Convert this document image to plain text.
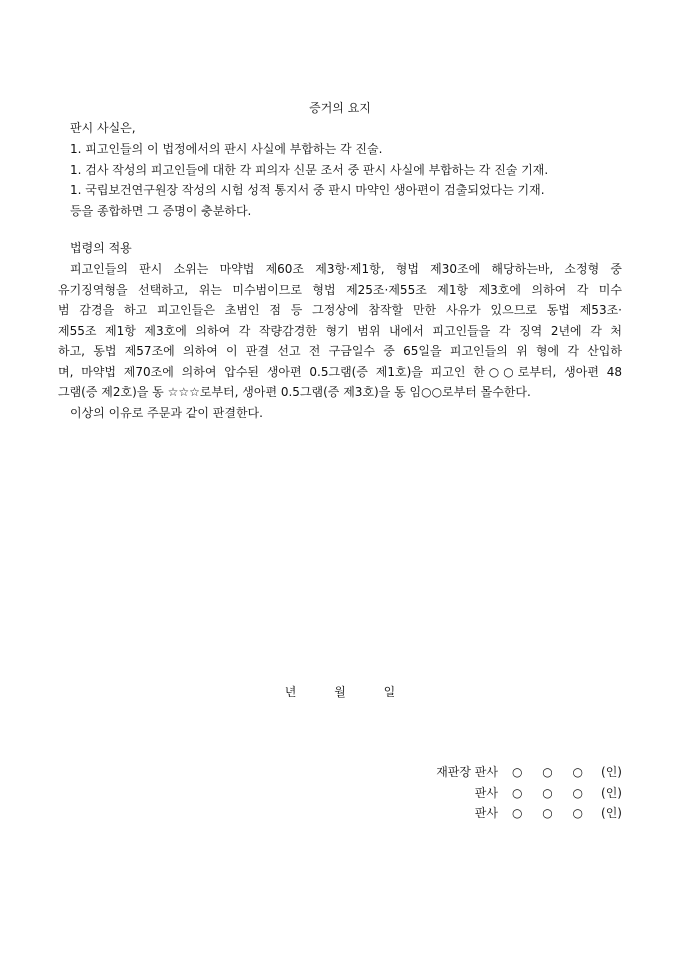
증거의 요지
판시 사실은,
1. 피고인들의 이 법정에서의 판시 사실에 부합하는 각 진술.
1. 검사 작성의 피고인들에 대한 각 피의자 신문 조서 중 판시 사실에 부합하는 각 진술 기재.
1. 국립보건연구원장 작성의 시험 성적 통지서 중 판시 마약인 생아편이 검출되었다는 기재.
등을 종합하면 그 증명이 충분하다.
법령의 적용
피고인들의 판시 소위는 마약법 제60조 제3항·제1항, 형법 제30조에 해당하는바, 소정형 중
유기징역형을 선택하고, 위는 미수범이므로 형법 제25조·제55조 제1항 제3호에 의하여 각 미수
범 감경을 하고 피고인들은 초범인 점 등 그정상에 참작할 만한 사유가 있으므로 동법 제53조·
제55조 제1항 제3호에 의하여 각 작량감경한 형기 범위 내에서 피고인들을 각 징역 2년에 각 처
하고, 동법 제57조에 의하여 이 판결 선고 전 구금일수 중 65일을 피고인들의 위 형에 각 산입하
며, 마약법 제70조에 의하여 압수된 생아편 0.5그램(증 제1호)을 피고인 한○○로부터, 생아편 48
그램(증 제2호)을 동 ☆☆☆로부터, 생아편 0.5그램(증 제3호)을 동 임○○로부터 몰수한다.
이상의 이유로 주문과 같이 판결한다.
년 월 일
재판장 판사 ○ ○ ○ (인)
판사 ○ ○ ○ (인)
판사 ○ ○ ○ (인)
